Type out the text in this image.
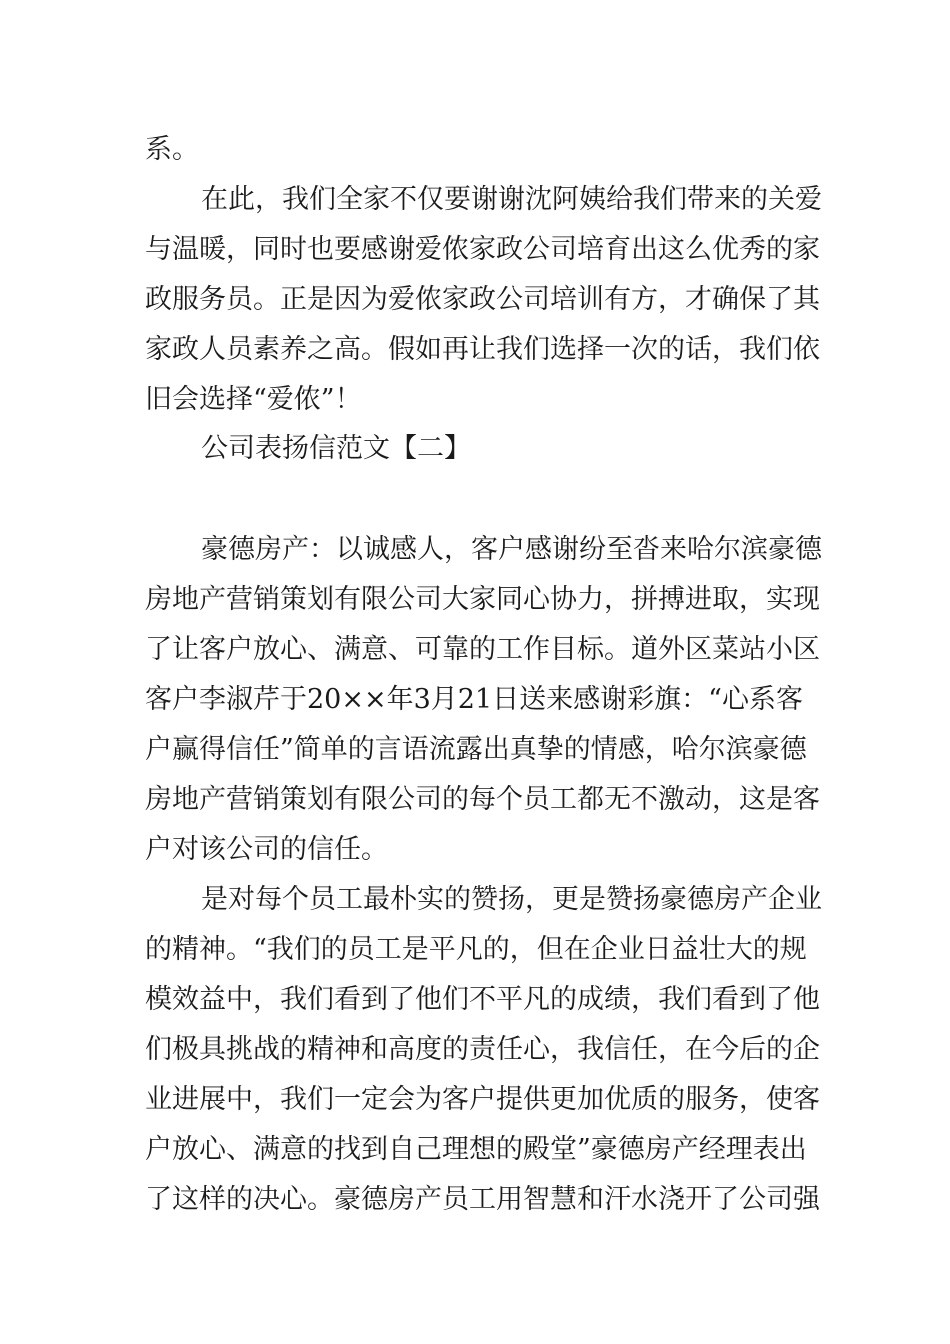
系。
在此，我们全家不仅要谢谢沈阿姨给我们带来的关爱
与温暖，同时也要感谢爱侬家政公司培育出这么优秀的家
政服务员。正是因为爱侬家政公司培训有方，才确保了其
家政人员素养之高。假如再让我们选择一次的话，我们依
旧会选择“爱侬”！
公司表扬信范文【二】
豪德房产：以诚感人，客户感谢纷至沓来哈尔滨豪德
房地产营销策划有限公司大家同心协力，拼搏进取，实现
了让客户放心、满意、可靠的工作目标。道外区菜站小区
客户李淑芹于20××年3月21日送来感谢彩旗：“心系客
户赢得信任”简单的言语流露出真挚的情感，哈尔滨豪德
房地产营销策划有限公司的每个员工都无不激动，这是客
户对该公司的信任。
是对每个员工最朴实的赞扬，更是赞扬豪德房产企业
的精神。“我们的员工是平凡的，但在企业日益壮大的规
模效益中，我们看到了他们不平凡的成绩，我们看到了他
们极具挑战的精神和高度的责任心，我信任，在今后的企
业进展中，我们一定会为客户提供更加优质的服务，使客
户放心、满意的找到自己理想的殿堂”豪德房产经理表出
了这样的决心。豪德房产员工用智慧和汗水浇开了公司强
